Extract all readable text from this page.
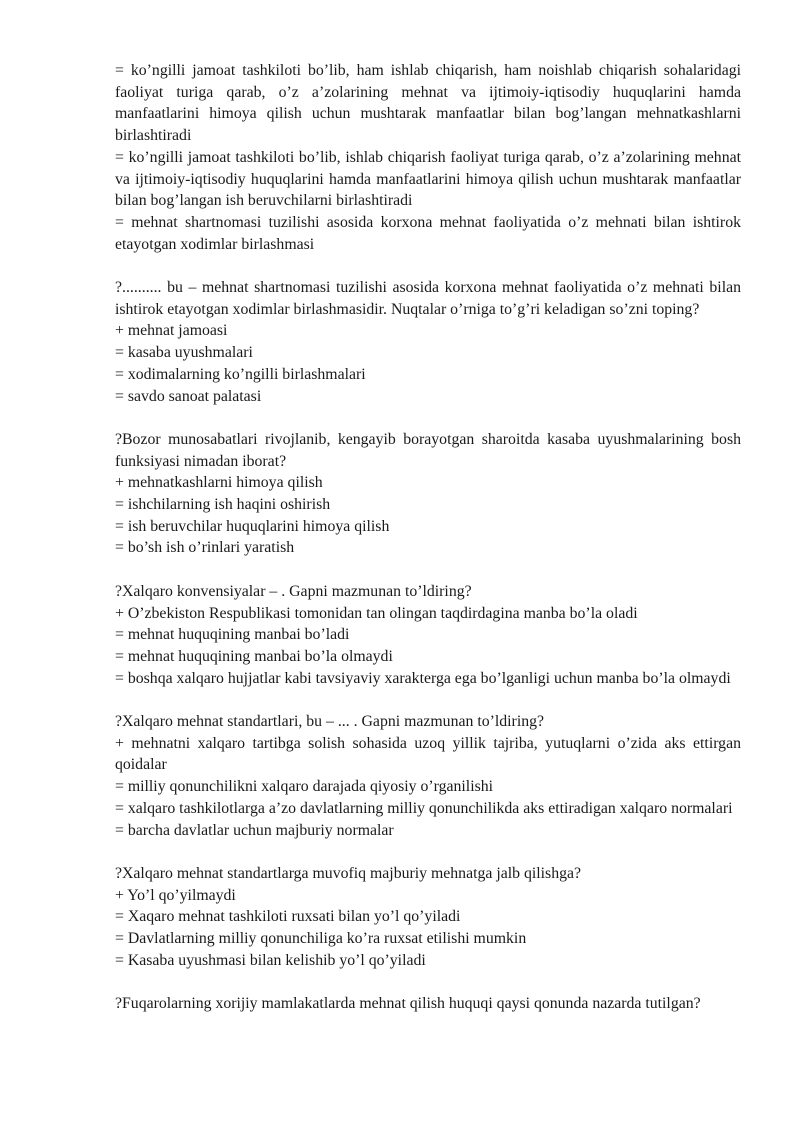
= ko’ngilli jamoat tashkiloti bo’lib, ham ishlab chiqarish, ham noishlab chiqarish sohalaridagi faoliyat turiga qarab, o’z a’zolarining mehnat va ijtimoiy-iqtisodiy huquqlarini hamda manfaatlarini himoya qilish uchun mushtarak manfaatlar bilan bog’langan mehnatkashlarni birlashtiradi

= ko’ngilli jamoat tashkiloti bo’lib, ishlab chiqarish faoliyat turiga qarab, o’z a’zolarining mehnat va ijtimoiy-iqtisodiy huquqlarini hamda manfaatlarini himoya qilish uchun mushtarak manfaatlar bilan bog’langan ish beruvchilarni birlashtiradi

= mehnat shartnomasi tuzilishi asosida korxona mehnat faoliyatida o’z mehnati bilan ishtirok etayotgan xodimlar birlashmasi

?.......... bu – mehnat shartnomasi tuzilishi asosida korxona mehnat faoliyatida o’z mehnati bilan ishtirok etayotgan xodimlar birlashmasidir. Nuqtalar o’rniga to’g’ri keladigan so’zni toping?

+ mehnat jamoasi

= kasaba uyushmalari

= xodimalarning ko’ngilli birlashmalari

= savdo sanoat palatasi

?Bozor munosabatlari rivojlanib, kengayib borayotgan sharoitda kasaba uyushmalarining bosh funksiyasi nimadan iborat?

+ mehnatkashlarni himoya qilish

= ishchilarning ish haqini oshirish

= ish beruvchilar huquqlarini himoya qilish

= bo’sh ish o’rinlari yaratish

?Xalqaro konvensiyalar – . Gapni mazmunan to’ldiring?

+ O’zbekiston Respublikasi tomonidan tan olingan taqdirdagina manba bo’la oladi

= mehnat huquqining manbai bo’ladi

= mehnat huquqining manbai bo’la olmaydi

= boshqa xalqaro hujjatlar kabi tavsiyaviy xarakterga ega bo’lganligi uchun manba bo’la olmaydi

?Xalqaro mehnat standartlari, bu – ... . Gapni mazmunan to’ldiring?

+ mehnatni xalqaro tartibga solish sohasida uzoq yillik tajriba, yutuqlarni o’zida aks ettirgan qoidalar

= milliy qonunchilikni xalqaro darajada qiyosiy o’rganilishi

= xalqaro tashkilotlarga a’zo davlatlarning milliy qonunchilikda aks ettiradigan xalqaro normalari

= barcha davlatlar uchun majburiy normalar

?Xalqaro mehnat standartlarga muvofiq majburiy mehnatga jalb qilishga?

+ Yo’l qo’yilmaydi

= Xaqaro mehnat tashkiloti ruxsati bilan yo’l qo’yiladi

= Davlatlarning milliy qonunchiliga ko’ra ruxsat etilishi mumkin

= Kasaba uyushmasi bilan kelishib yo’l qo’yiladi

?Fuqarolarning xorijiy mamlakatlarda mehnat qilish huquqi qaysi qonunda nazarda tutilgan?
